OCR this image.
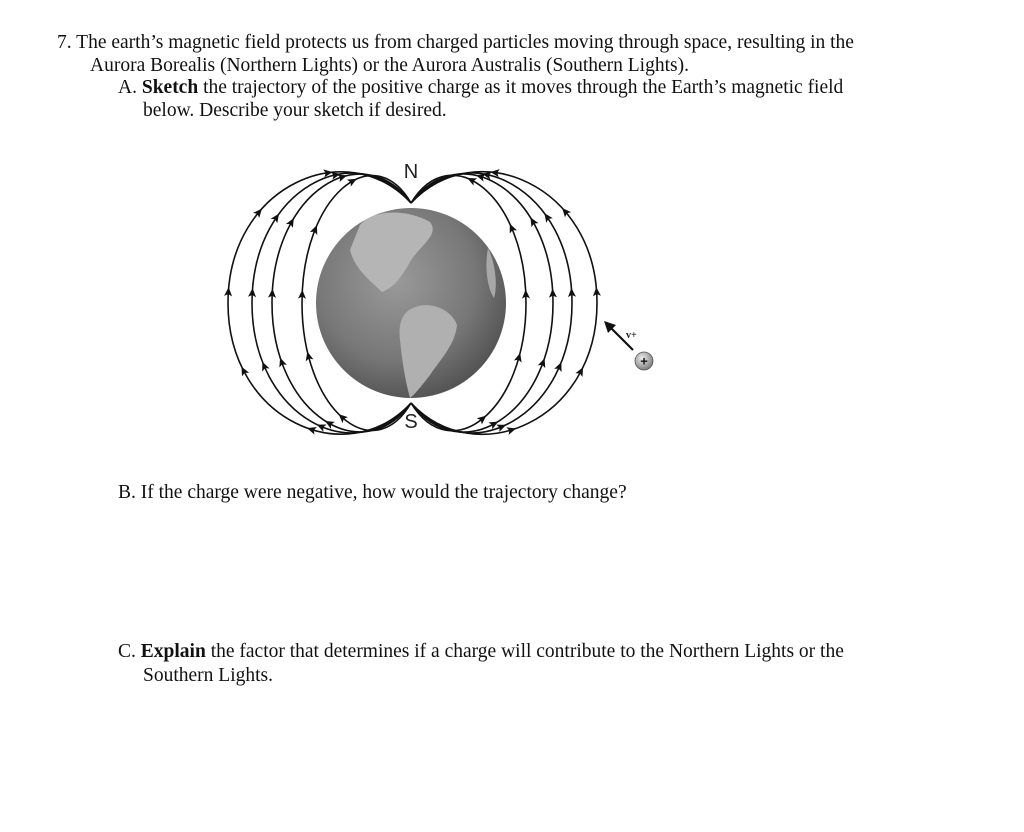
7. The earth’s magnetic field protects us from charged particles moving through space, resulting in the
Aurora Borealis (Northern Lights) or the Aurora Australis (Southern Lights).
A. Sketch the trajectory of the positive charge as it moves through the Earth’s magnetic field
below. Describe your sketch if desired.
N
S
v+
+
B. If the charge were negative, how would the trajectory change?
C. Explain the factor that determines if a charge will contribute to the Northern Lights or the
Southern Lights.
